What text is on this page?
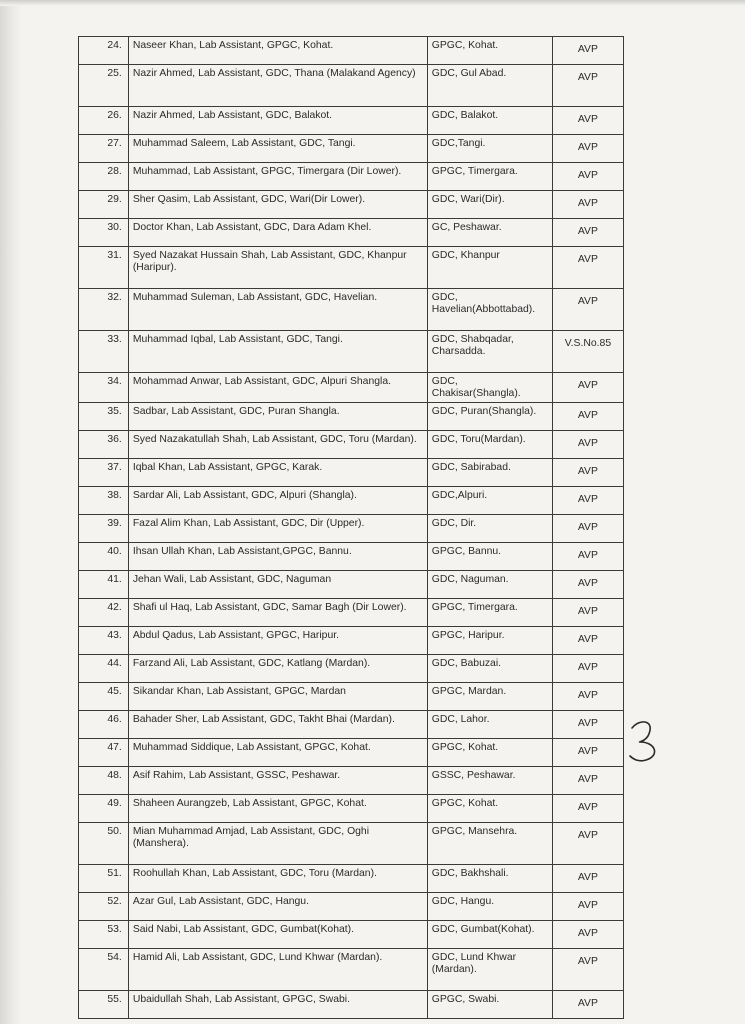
24.	Naseer Khan, Lab Assistant, GPGC, Kohat.	GPGC, Kohat.	AVP
25.	Nazir Ahmed, Lab Assistant, GDC, Thana (Malakand Agency)	GDC, Gul Abad.	AVP
26.	Nazir Ahmed, Lab Assistant, GDC, Balakot.	GDC, Balakot.	AVP
27.	Muhammad Saleem, Lab Assistant, GDC, Tangi.	GDC,Tangi.	AVP
28.	Muhammad, Lab Assistant, GPGC, Timergara (Dir Lower).	GPGC, Timergara.	AVP
29.	Sher Qasim, Lab Assistant, GDC, Wari(Dir Lower).	GDC, Wari(Dir).	AVP
30.	Doctor Khan, Lab Assistant, GDC, Dara Adam Khel.	GC, Peshawar.	AVP
31.	Syed Nazakat Hussain Shah, Lab Assistant, GDC, Khanpur (Haripur).	GDC, Khanpur	AVP
32.	Muhammad Suleman, Lab Assistant, GDC, Havelian.	GDC, Havelian(Abbottabad).	AVP
33.	Muhammad Iqbal, Lab Assistant, GDC, Tangi.	GDC, Shabqadar, Charsadda.	V.S.No.85
34.	Mohammad Anwar, Lab Assistant, GDC, Alpuri Shangla.	GDC, Chakisar(Shangla).	AVP
35.	Sadbar, Lab Assistant, GDC, Puran Shangla.	GDC, Puran(Shangla).	AVP
36.	Syed Nazakatullah Shah, Lab Assistant, GDC, Toru (Mardan).	GDC, Toru(Mardan).	AVP
37.	Iqbal Khan, Lab Assistant, GPGC, Karak.	GDC, Sabirabad.	AVP
38.	Sardar Ali, Lab Assistant, GDC, Alpuri (Shangla).	GDC,Alpuri.	AVP
39.	Fazal Alim Khan, Lab Assistant, GDC, Dir (Upper).	GDC, Dir.	AVP
40.	Ihsan Ullah Khan, Lab Assistant,GPGC, Bannu.	GPGC, Bannu.	AVP
41.	Jehan Wali, Lab Assistant, GDC, Naguman	GDC, Naguman.	AVP
42.	Shafi ul Haq, Lab Assistant, GDC, Samar Bagh (Dir Lower).	GPGC, Timergara.	AVP
43.	Abdul Qadus, Lab Assistant, GPGC, Haripur.	GPGC, Haripur.	AVP
44.	Farzand Ali, Lab Assistant, GDC, Katlang (Mardan).	GDC, Babuzai.	AVP
45.	Sikandar Khan, Lab Assistant, GPGC, Mardan	GPGC, Mardan.	AVP
46.	Bahader Sher, Lab Assistant, GDC, Takht Bhai (Mardan).	GDC, Lahor.	AVP
47.	Muhammad Siddique, Lab Assistant, GPGC, Kohat.	GPGC, Kohat.	AVP
48.	Asif Rahim, Lab Assistant, GSSC, Peshawar.	GSSC, Peshawar.	AVP
49.	Shaheen Aurangzeb, Lab Assistant, GPGC, Kohat.	GPGC, Kohat.	AVP
50.	Mian Muhammad Amjad, Lab Assistant, GDC, Oghi (Manshera).	GPGC, Mansehra.	AVP
51.	Roohullah Khan, Lab Assistant, GDC, Toru (Mardan).	GDC, Bakhshali.	AVP
52.	Azar Gul, Lab Assistant, GDC, Hangu.	GDC, Hangu.	AVP
53.	Said Nabi, Lab Assistant, GDC, Gumbat(Kohat).	GDC, Gumbat(Kohat).	AVP
54.	Hamid Ali, Lab Assistant, GDC, Lund Khwar (Mardan).	GDC, Lund Khwar (Mardan).	AVP
55.	Ubaidullah Shah, Lab Assistant, GPGC, Swabi.	GPGC, Swabi.	AVP
